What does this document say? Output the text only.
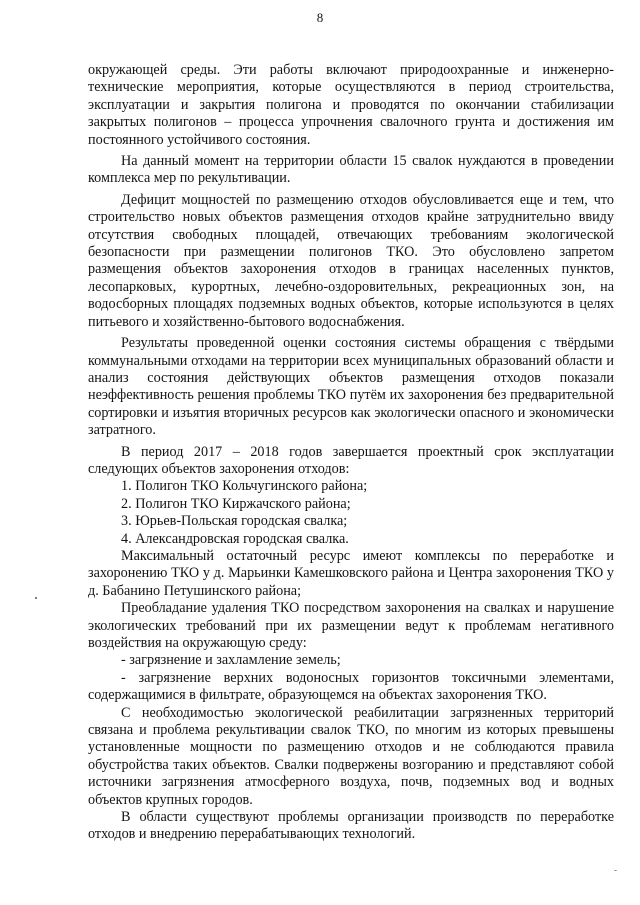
8

окружающей среды. Эти работы включают природоохранные и инженерно-технические мероприятия, которые осуществляются в период строительства, эксплуатации и закрытия полигона и проводятся по окончании стабилизации закрытых полигонов – процесса упрочнения свалочного грунта и достижения им постоянного устойчивого состояния.

На данный момент на территории области 15 свалок нуждаются в проведении комплекса мер по рекультивации.

Дефицит мощностей по размещению отходов обусловливается еще и тем, что строительство новых объектов размещения отходов крайне затруднительно ввиду отсутствия свободных площадей, отвечающих требованиям экологической безопасности при размещении полигонов ТКО. Это обусловлено запретом размещения объектов захоронения отходов в границах населенных пунктов, лесопарковых, курортных, лечебно-оздоровительных, рекреационных зон, на водосборных площадях подземных водных объектов, которые используются в целях питьевого и хозяйственно-бытового водоснабжения.

Результаты проведенной оценки состояния системы обращения с твёрдыми коммунальными отходами на территории всех муниципальных образований области и анализ состояния действующих объектов размещения отходов показали неэффективность решения проблемы ТКО путём их захоронения без предварительной сортировки и изъятия вторичных ресурсов как экологически опасного и экономически затратного.

В период 2017 – 2018 годов завершается проектный срок эксплуатации следующих объектов захоронения отходов:

1. Полигон ТКО Кольчугинского района;

2. Полигон ТКО Киржачского района;

3. Юрьев-Польская городская свалка;

4. Александровская городская свалка.

Максимальный остаточный ресурс имеют комплексы по переработке и захоронению ТКО у д. Марьинки Камешковского района и Центра захоронения ТКО у д. Бабанино Петушинского района;

Преобладание удаления ТКО посредством захоронения на свалках и нарушение экологических требований при их размещении ведут к проблемам негативного воздействия на окружающую среду:

- загрязнение и захламление земель;

- загрязнение верхних водоносных горизонтов токсичными элементами, содержащимися в фильтрате, образующемся на объектах захоронения ТКО.

С необходимостью экологической реабилитации загрязненных территорий связана и проблема рекультивации свалок ТКО, по многим из которых превышены установленные мощности по размещению отходов и не соблюдаются правила обустройства таких объектов. Свалки подвержены возгоранию и представляют собой источники загрязнения атмосферного воздуха, почв, подземных вод и водных объектов крупных городов.

В области существуют проблемы организации производств по переработке отходов и внедрению перерабатывающих технологий.
